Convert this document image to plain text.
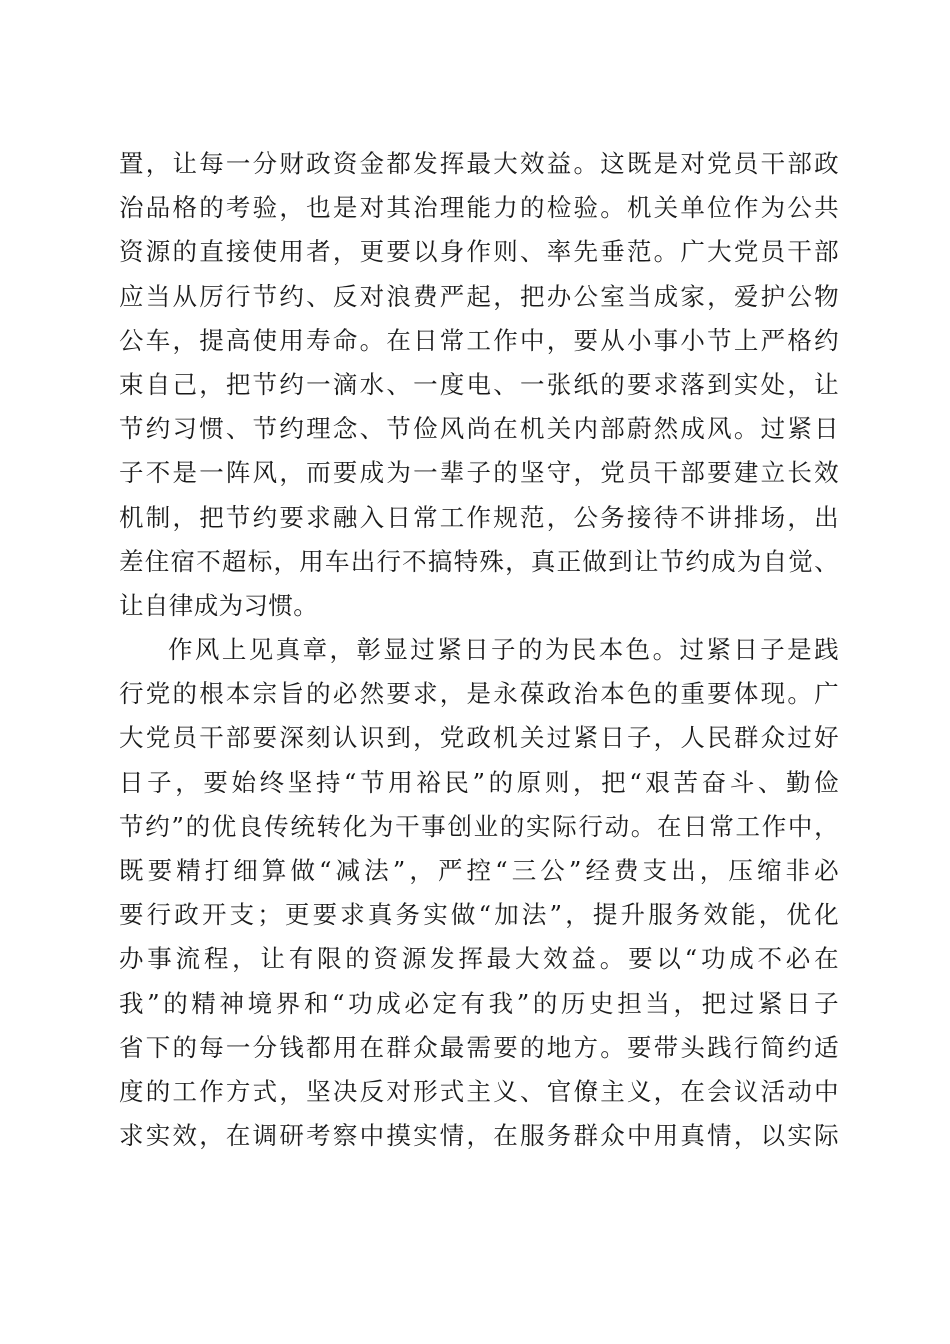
置，让每一分财政资金都发挥最大效益。这既是对党员干部政
治品格的考验，也是对其治理能力的检验。机关单位作为公共
资源的直接使用者，更要以身作则、率先垂范。广大党员干部
应当从厉行节约、反对浪费严起，把办公室当成家，爱护公物
公车，提高使用寿命。在日常工作中，要从小事小节上严格约
束自己，把节约一滴水、一度电、一张纸的要求落到实处，让
节约习惯、节约理念、节俭风尚在机关内部蔚然成风。过紧日
子不是一阵风，而要成为一辈子的坚守，党员干部要建立长效
机制，把节约要求融入日常工作规范，公务接待不讲排场，出
差住宿不超标，用车出行不搞特殊，真正做到让节约成为自觉、
让自律成为习惯。
作风上见真章，彰显过紧日子的为民本色。过紧日子是践
行党的根本宗旨的必然要求，是永葆政治本色的重要体现。广
大党员干部要深刻认识到，党政机关过紧日子，人民群众过好
日子，要始终坚持“节用裕民”的原则，把“艰苦奋斗、勤俭
节约”的优良传统转化为干事创业的实际行动。在日常工作中，
既要精打细算做“减法”，严控“三公”经费支出，压缩非必
要行政开支；更要求真务实做“加法”，提升服务效能，优化
办事流程，让有限的资源发挥最大效益。要以“功成不必在
我”的精神境界和“功成必定有我”的历史担当，把过紧日子
省下的每一分钱都用在群众最需要的地方。要带头践行简约适
度的工作方式，坚决反对形式主义、官僚主义，在会议活动中
求实效，在调研考察中摸实情，在服务群众中用真情，以实际
